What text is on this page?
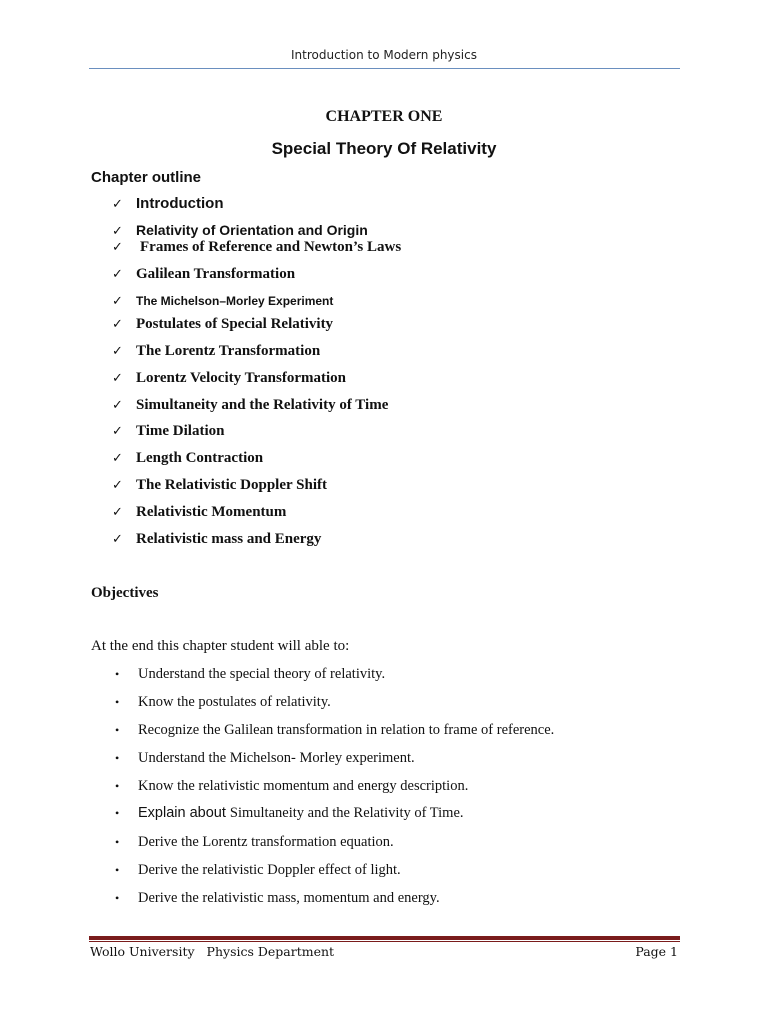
Introduction to Modern physics
CHAPTER ONE
Special Theory Of Relativity
Chapter outline
✓ Introduction
✓ Relativity of Orientation and Origin
✓ Frames of Reference and Newton’s Laws
✓ Galilean Transformation
✓ The Michelson–Morley Experiment
✓ Postulates of Special Relativity
✓ The Lorentz Transformation
✓ Lorentz Velocity Transformation
✓ Simultaneity and the Relativity of Time
✓ Time Dilation
✓ Length Contraction
✓ The Relativistic Doppler Shift
✓ Relativistic Momentum
✓ Relativistic mass and Energy
Objectives
At the end this chapter student will able to:
• Understand the special theory of relativity.
• Know the postulates of relativity.
• Recognize the Galilean transformation in relation to frame of reference.
• Understand the Michelson- Morley experiment.
• Know the relativistic momentum and energy description.
• Explain about Simultaneity and the Relativity of Time.
• Derive the Lorentz transformation equation.
• Derive the relativistic Doppler effect of light.
• Derive the relativistic mass, momentum and energy.
Wollo University Physics Department	Page 1
